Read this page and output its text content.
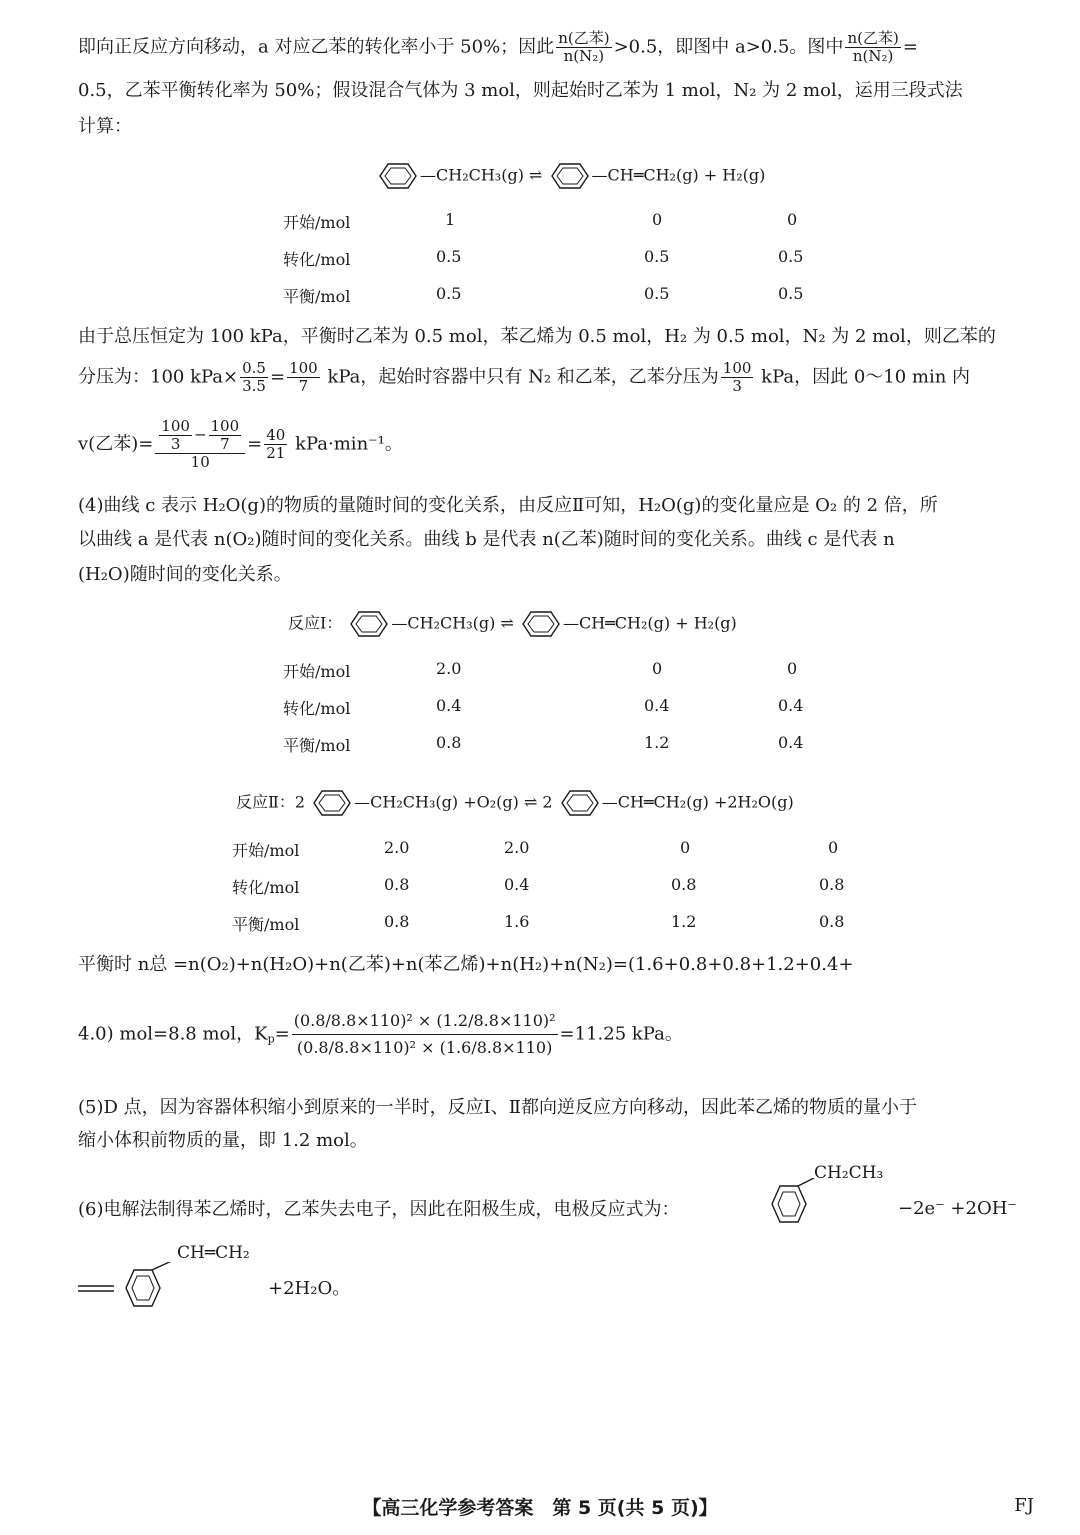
即向正反应方向移动，a 对应乙苯的转化率小于 50%；因此 $\frac{\text{n(乙苯)}}{\text{n(N₂)}} >0.5$，即图中 a>0.5。图中 $\frac{\text{n(乙苯)}}{\text{n(N₂)}}$ =
0.5，乙苯平衡转化率为 50%；假设混合气体为 3 mol，则起始时乙苯为 1 mol，N₂ 为 2 mol，运用三段式法
计算：
—CH₂CH₃(g) ⇌	—CH═CH₂(g) + H₂(g)
开始/mol	1	0	0
转化/mol	0.5	0.5	0.5
平衡/mol	0.5	0.5	0.5
由于总压恒定为 100 kPa，平衡时乙苯为 0.5 mol，苯乙烯为 0.5 mol，H₂ 为 0.5 mol，N₂ 为 2 mol，则乙苯的
分压为：100 $kPa\times \frac{0.5}{3.5} = \frac{100}{7}$ kPa，起始时容器中只有 N₂ 和乙苯，乙苯分压为 $\frac{100}{3}$ kPa，因此 0～10 min 内
v(乙苯)= $\frac{\frac{100}{3} - \frac{100}{7}}{10} = \frac{40}{21} kPa\cdot\min^{-1}$。
(4)曲线 c 表示 H₂O(g)的物质的量随时间的变化关系，由反应Ⅱ可知，H₂O(g)的变化量应是 O₂ 的 2 倍，所
以曲线 a 是代表 n(O₂)随时间的变化关系。曲线 b 是代表 n(乙苯)随时间的变化关系。曲线 c 是代表 n
(H₂O)随时间的变化关系。
反应Ⅰ：	—CH₂CH₃(g) ⇌	—CH═CH₂(g) + H₂(g)
开始/mol	2.0	0	0
转化/mol	0.4	0.4	0.4
平衡/mol	0.8	1.2	0.4
反应Ⅱ：2	—CH₂CH₃(g) +O₂(g) ⇌ 2	—CH═CH₂(g) +2H₂O(g)
开始/mol	2.0	2.0	0	0
转化/mol	0.8	0.4	0.8	0.8
平衡/mol	0.8	1.6	1.2	0.8
平衡时 n总 =n(O₂)+n(H₂O)+n(乙苯)+n(苯乙烯)+n(H₂)+n(N₂)=(1.6+0.8+0.8+1.2+0.4+
4.0) mol=8.8 mol，$K_p= \frac{\text{(0.8/8.8×110)² × (1.2/8.8×110)²}}{\text{(0.8/8.8×110)² × (1.6/8.8×110)}} =11.25$ kPa。
(5)D 点，因为容器体积缩小到原来的一半时，反应Ⅰ、Ⅱ都向逆反应方向移动，因此苯乙烯的物质的量小于
缩小体积前物质的量，即 1.2 mol。
CH₂CH₃
(6)电解法制得苯乙烯时，乙苯失去电子，因此在阳极生成，电极反应式为：	−2e⁻ +2OH⁻
CH═CH₂
+2H₂O。
【高三化学参考答案　第 5 页(共 5 页)】	FJ
